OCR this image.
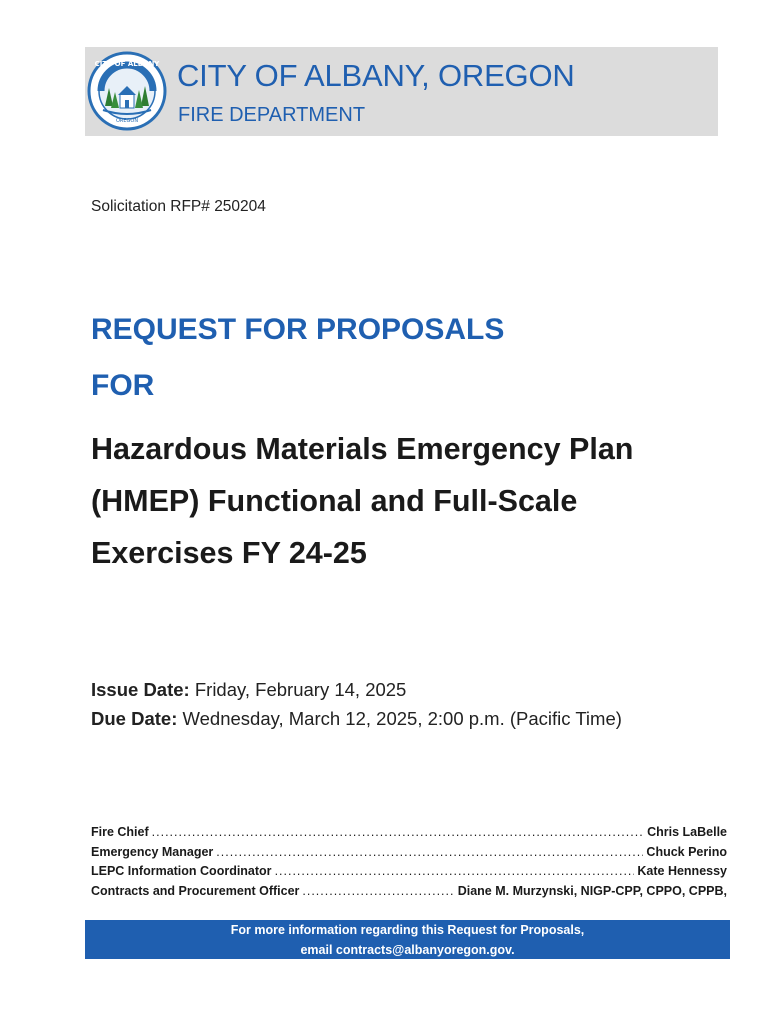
CITY OF ALBANY
OREGON
CITY OF ALBANY, OREGON
FIRE DEPARTMENT
Solicitation RFP# 250204
REQUEST FOR PROPOSALS
FOR
Hazardous Materials Emergency Plan
(HMEP) Functional and Full-Scale
Exercises FY 24-25
Issue Date: Friday, February 14, 2025
Due Date: Wednesday, March 12, 2025, 2:00 p.m. (Pacific Time)
Fire Chief .....	Chris LaBelle
Emergency Manager .....	Chuck Perino
LEPC Information Coordinator .....	Kate Hennessy
Contracts and Procurement Officer .....	Diane M. Murzynski, NIGP-CPP, CPPO, CPPB,
For more information regarding this Request for Proposals,
email contracts@albanyoregon.gov.
